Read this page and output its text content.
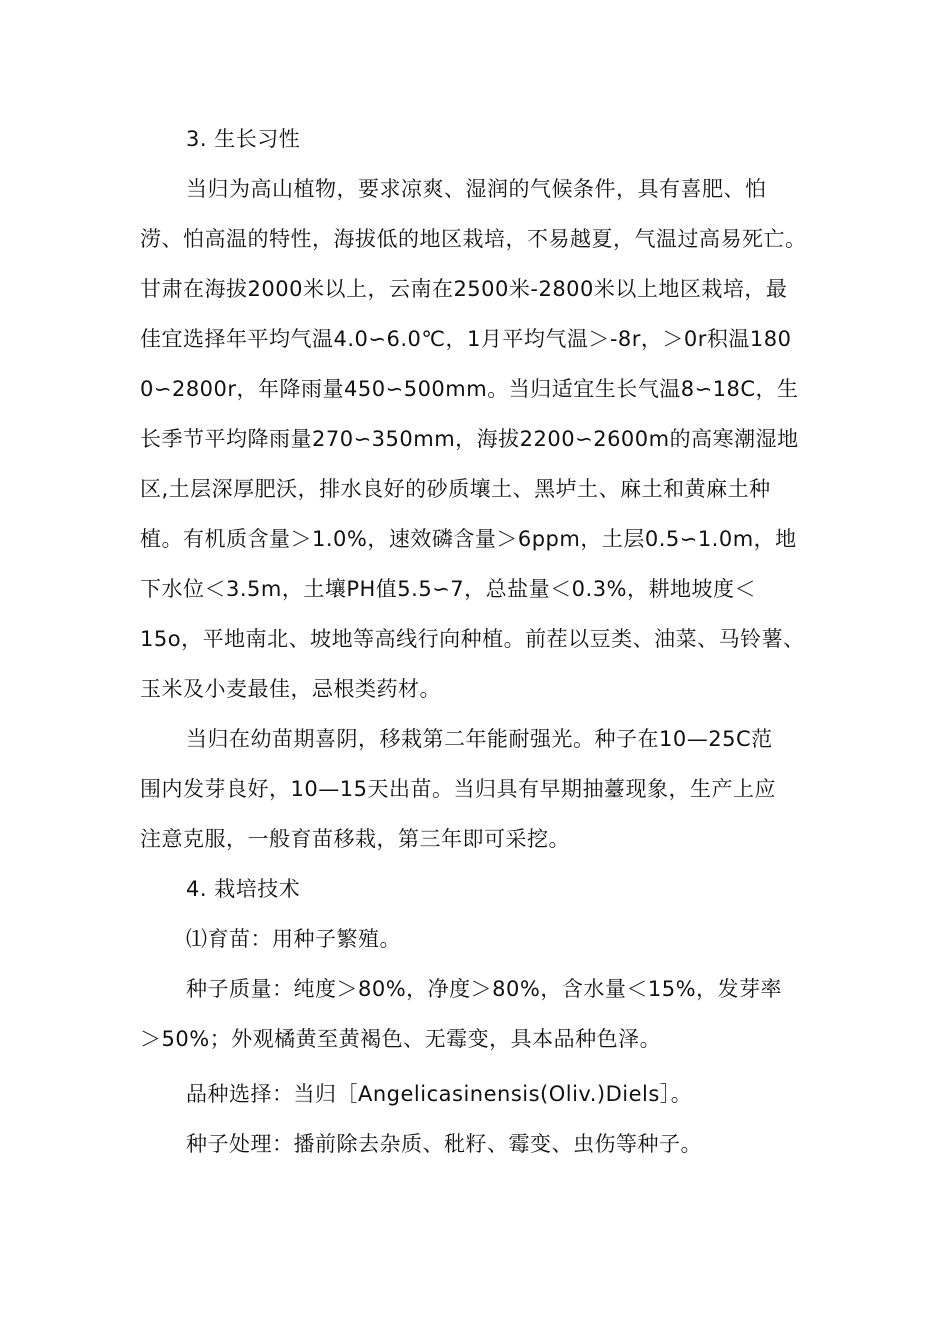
3. 生长习性
当归为高山植物，要求凉爽、湿润的气候条件，具有喜肥、怕
涝、怕高温的特性，海拔低的地区栽培，不易越夏，气温过高易死亡。
甘肃在海拔2000米以上，云南在2500米-2800米以上地区栽培，最
佳宜选择年平均气温4.0∽6.0℃，1月平均气温＞-8r，＞0r积温180
0∽2800r，年降雨量450∽500mm。当归适宜生长气温8∽18C，生
长季节平均降雨量270∽350mm，海拔2200∽2600m的高寒潮湿地
区,土层深厚肥沃，排水良好的砂质壤土、黑垆土、麻土和黄麻土种
植。有机质含量＞1.0%，速效磷含量＞6ppm，土层0.5∽1.0m，地
下水位＜3.5m，土壤PH值5.5∽7，总盐量＜0.3%，耕地坡度＜
15o，平地南北、坡地等高线行向种植。前茬以豆类、油菜、马铃薯、
玉米及小麦最佳，忌根类药材。
当归在幼苗期喜阴，移栽第二年能耐强光。种子在10—25C范
围内发芽良好，10—15天出苗。当归具有早期抽薹现象，生产上应
注意克服，一般育苗移栽，第三年即可采挖。
4. 栽培技术
⑴育苗：用种子繁殖。
种子质量：纯度＞80%，净度＞80%，含水量＜15%，发芽率
＞50%；外观橘黄至黄褐色、无霉变，具本品种色泽。
品种选择：当归［Angelicasinensis(Oliv.)Diels］。
种子处理：播前除去杂质、秕籽、霉变、虫伤等种子。
